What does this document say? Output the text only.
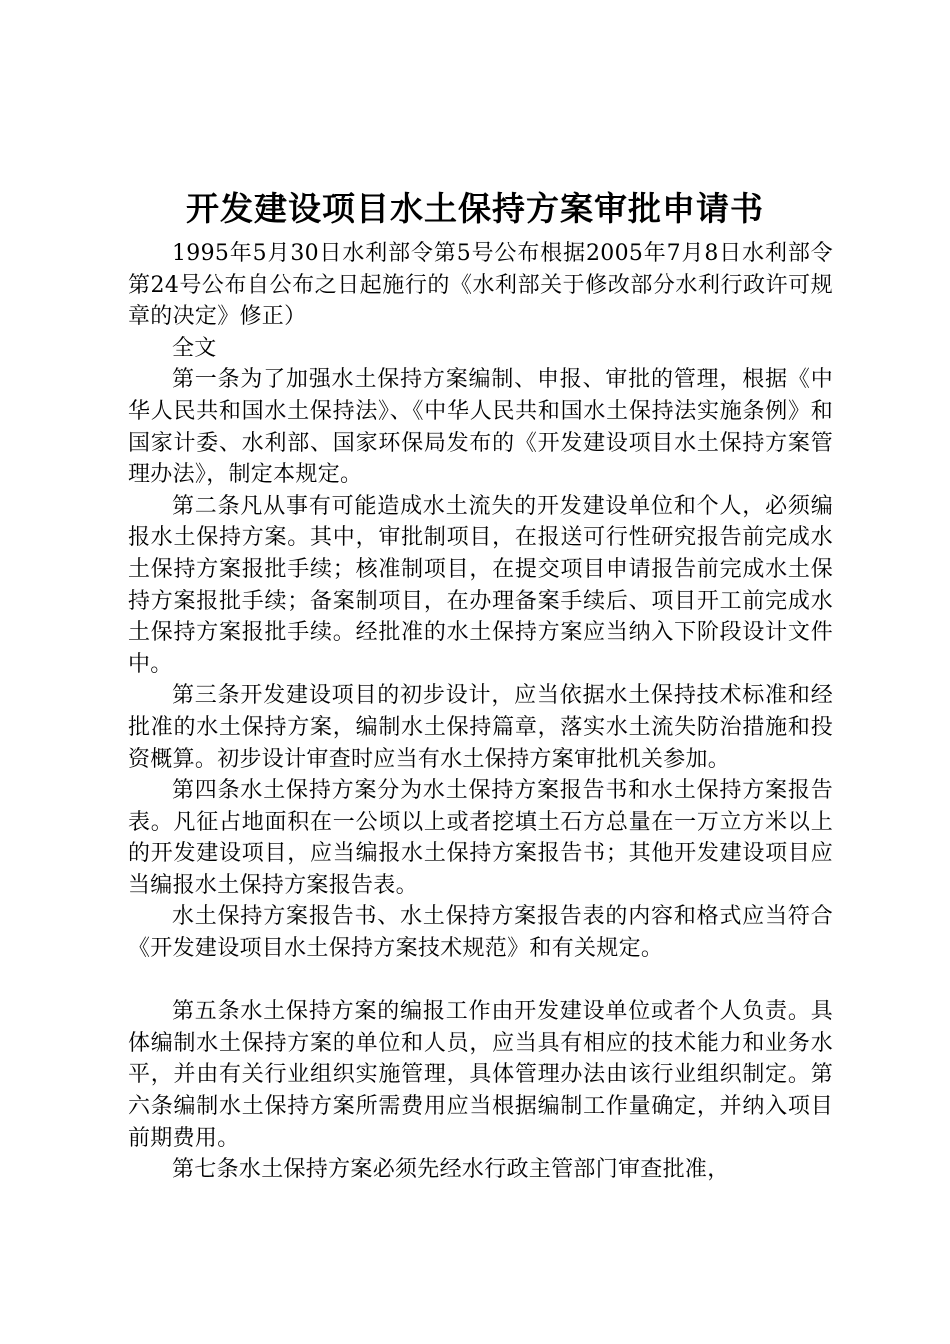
开发建设项目水土保持方案审批申请书

1995年5月30日水利部令第5号公布根据2005年7月8日水利部令第24号公布自公布之日起施行的《水利部关于修改部分水利行政许可规章的决定》修正）

全文

第一条为了加强水土保持方案编制、申报、审批的管理，根据《中华人民共和国水土保持法》、《中华人民共和国水土保持法实施条例》和国家计委、水利部、国家环保局发布的《开发建设项目水土保持方案管理办法》，制定本规定。

第二条凡从事有可能造成水土流失的开发建设单位和个人，必须编报水土保持方案。其中，审批制项目，在报送可行性研究报告前完成水土保持方案报批手续；核准制项目，在提交项目申请报告前完成水土保持方案报批手续；备案制项目，在办理备案手续后、项目开工前完成水土保持方案报批手续。经批准的水土保持方案应当纳入下阶段设计文件中。

第三条开发建设项目的初步设计，应当依据水土保持技术标准和经批准的水土保持方案，编制水土保持篇章，落实水土流失防治措施和投资概算。初步设计审查时应当有水土保持方案审批机关参加。

第四条水土保持方案分为水土保持方案报告书和水土保持方案报告表。凡征占地面积在一公顷以上或者挖填土石方总量在一万立方米以上的开发建设项目，应当编报水土保持方案报告书；其他开发建设项目应当编报水土保持方案报告表。

水土保持方案报告书、水土保持方案报告表的内容和格式应当符合《开发建设项目水土保持方案技术规范》和有关规定。

第五条水土保持方案的编报工作由开发建设单位或者个人负责。具体编制水土保持方案的单位和人员，应当具有相应的技术能力和业务水平，并由有关行业组织实施管理，具体管理办法由该行业组织制定。第六条编制水土保持方案所需费用应当根据编制工作量确定，并纳入项目前期费用。

第七条水土保持方案必须先经水行政主管部门审查批准，
